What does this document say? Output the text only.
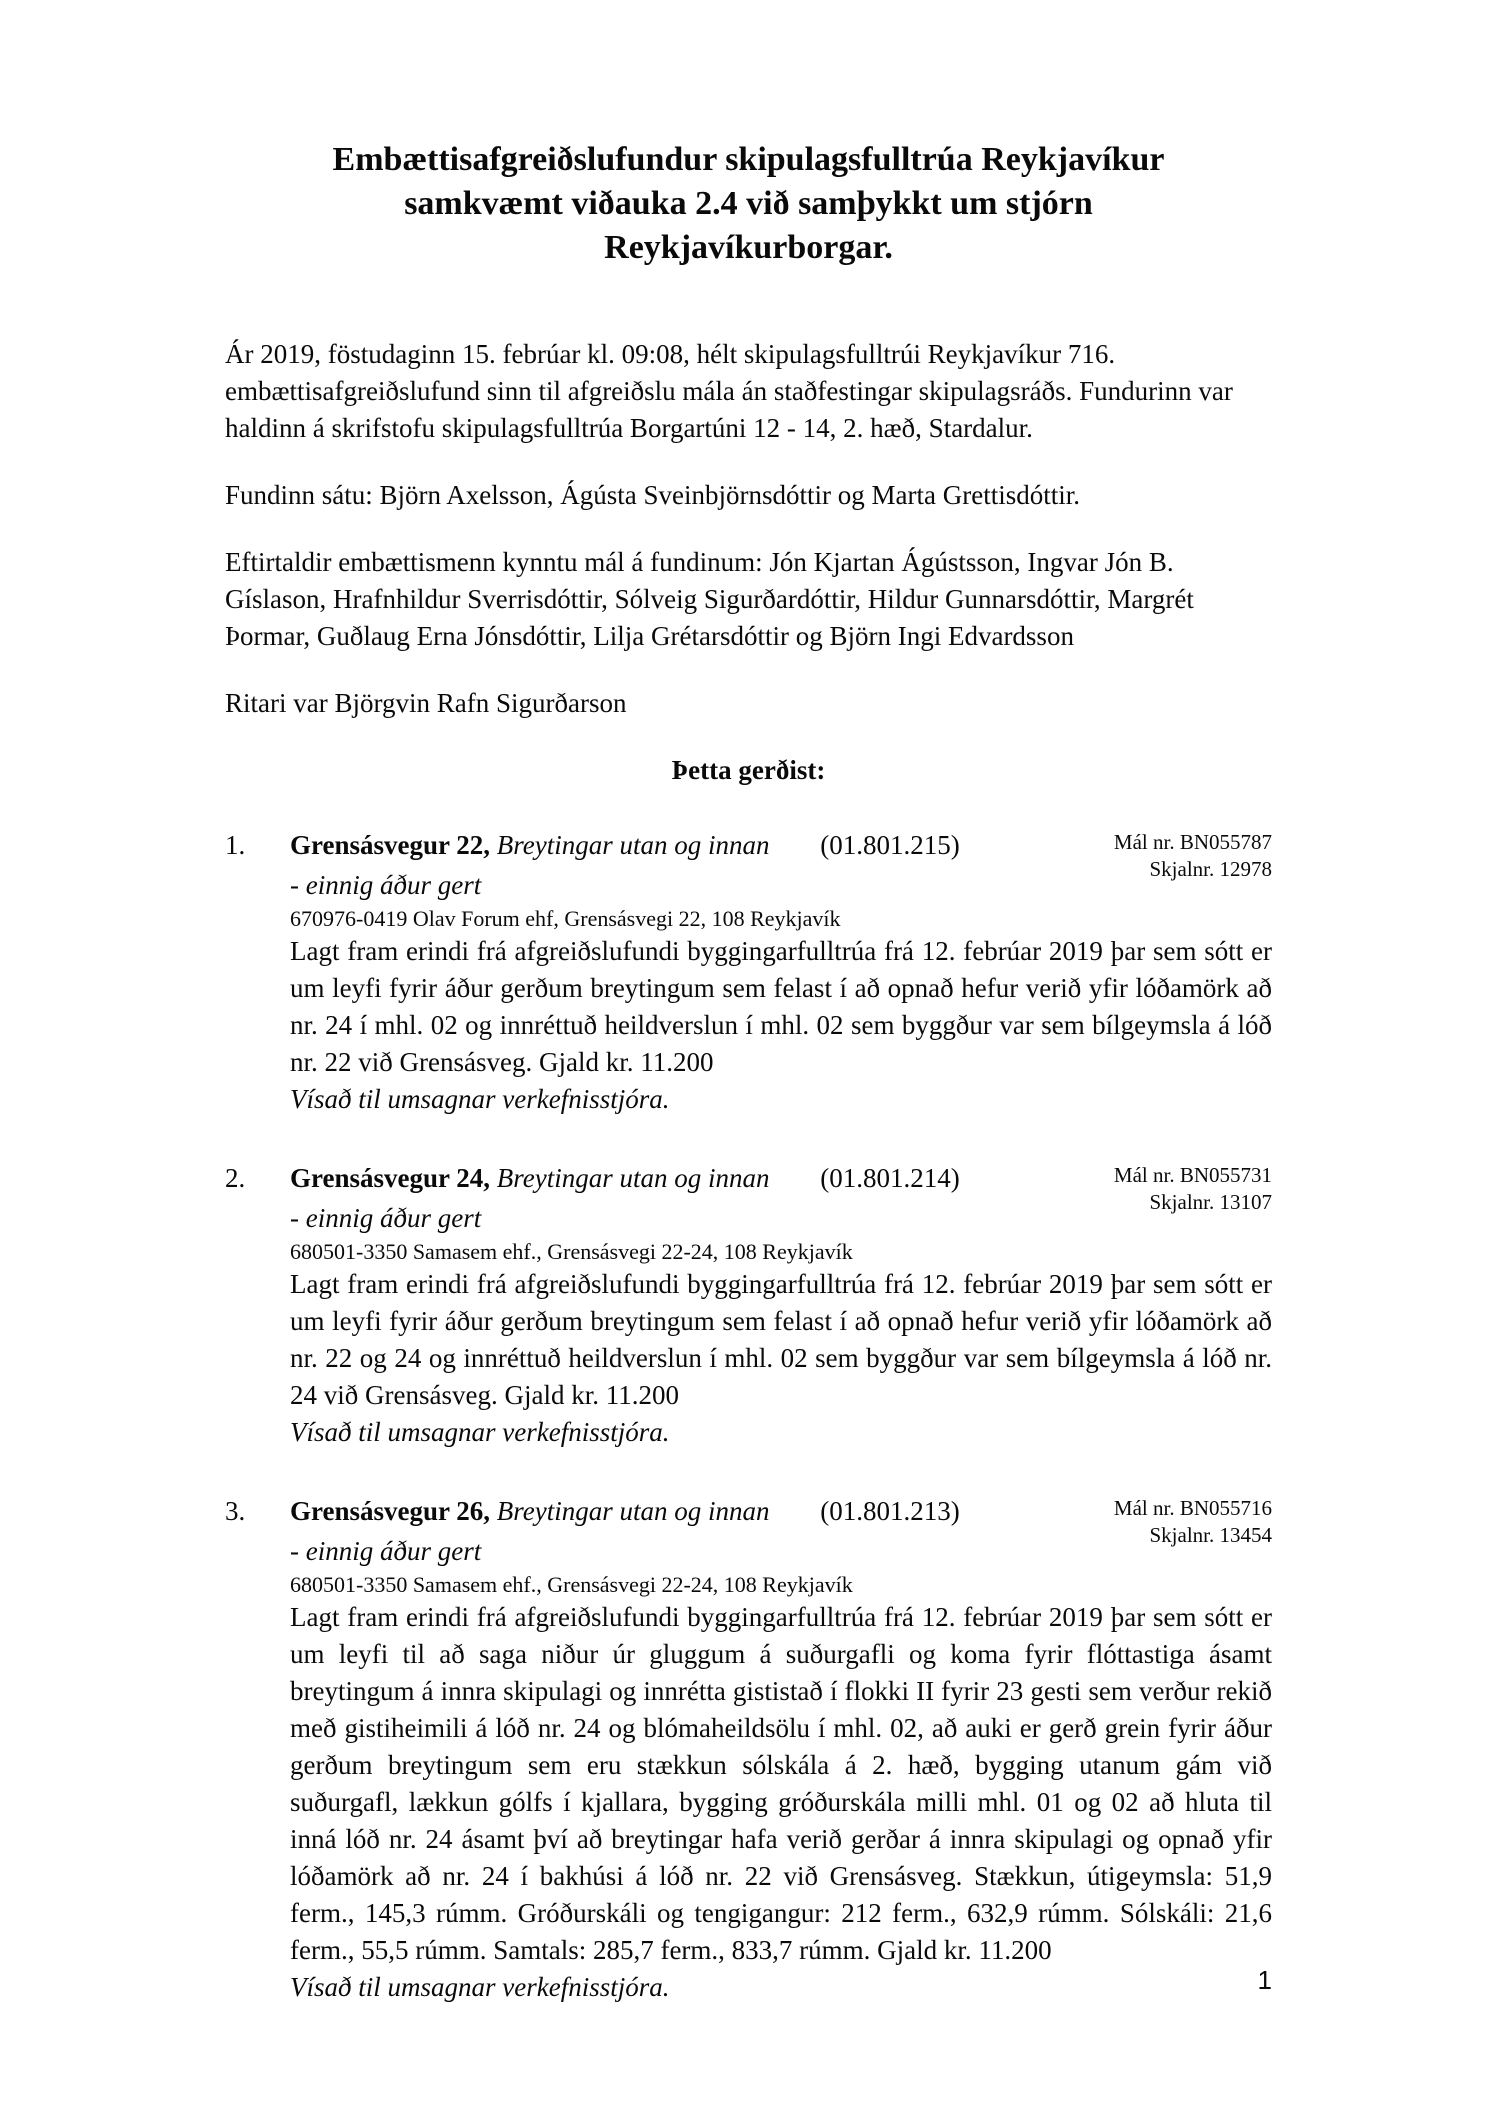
Embættisafgreiðslufundur skipulagsfulltrúa Reykjavíkur
samkvæmt viðauka 2.4 við samþykkt um stjórn
Reykjavíkurborgar.

Ár 2019, föstudaginn 15. febrúar kl. 09:08, hélt skipulagsfulltrúi Reykjavíkur 716. embættisafgreiðslufund sinn til afgreiðslu mála án staðfestingar skipulagsráðs. Fundurinn var haldinn á skrifstofu skipulagsfulltrúa Borgartúni 12 - 14, 2. hæð, Stardalur.

Fundinn sátu: Björn Axelsson, Ágústa Sveinbjörnsdóttir og Marta Grettisdóttir.

Eftirtaldir embættismenn kynntu mál á fundinum: Jón Kjartan Ágústsson, Ingvar Jón B. Gíslason, Hrafnhildur Sverrisdóttir, Sólveig Sigurðardóttir, Hildur Gunnarsdóttir, Margrét Þormar, Guðlaug Erna Jónsdóttir, Lilja Grétarsdóttir og Björn Ingi Edvardsson

Ritari var Björgvin Rafn Sigurðarson

Þetta gerðist:
Mál nr. BN055787
Skjalnr. 12978
1.	Grensásvegur 22, Breytingar utan og innan (01.801.215)
- einnig áður gert
670976-0419 Olav Forum ehf, Grensásvegi 22, 108 Reykjavík
Lagt fram erindi frá afgreiðslufundi byggingarfulltrúa frá 12. febrúar 2019 þar sem sótt er um leyfi fyrir áður gerðum breytingum sem felast í að opnað hefur verið yfir lóðamörk að nr. 24 í mhl. 02 og innréttuð heildverslun í mhl. 02 sem byggður var sem bílgeymsla á lóð nr. 22 við Grensásveg. Gjald kr. 11.200
Vísað til umsagnar verkefnisstjóra.
Mál nr. BN055731
Skjalnr. 13107
2.	Grensásvegur 24, Breytingar utan og innan (01.801.214)
- einnig áður gert
680501-3350 Samasem ehf., Grensásvegi 22-24, 108 Reykjavík
Lagt fram erindi frá afgreiðslufundi byggingarfulltrúa frá 12. febrúar 2019 þar sem sótt er um leyfi fyrir áður gerðum breytingum sem felast í að opnað hefur verið yfir lóðamörk að nr. 22 og 24 og innréttuð heildverslun í mhl. 02 sem byggður var sem bílgeymsla á lóð nr. 24 við Grensásveg. Gjald kr. 11.200
Vísað til umsagnar verkefnisstjóra.
Mál nr. BN055716
Skjalnr. 13454
3.	Grensásvegur 26, Breytingar utan og innan (01.801.213)
- einnig áður gert
680501-3350 Samasem ehf., Grensásvegi 22-24, 108 Reykjavík
Lagt fram erindi frá afgreiðslufundi byggingarfulltrúa frá 12. febrúar 2019 þar sem sótt er um leyfi til að saga niður úr gluggum á suðurgafli og koma fyrir flóttastiga ásamt breytingum á innra skipulagi og innrétta gististað í flokki II fyrir 23 gesti sem verður rekið með gistiheimili á lóð nr. 24 og blómaheildsölu í mhl. 02, að auki er gerð grein fyrir áður gerðum breytingum sem eru stækkun sólskála á 2. hæð, bygging utanum gám við suðurgafl, lækkun gólfs í kjallara, bygging gróðurskála milli mhl. 01 og 02 að hluta til inná lóð nr. 24 ásamt því að breytingar hafa verið gerðar á innra skipulagi og opnað yfir lóðamörk að nr. 24 í bakhúsi á lóð nr. 22 við Grensásveg. Stækkun, útigeymsla: 51,9 ferm., 145,3 rúmm. Gróðurskáli og tengigangur: 212 ferm., 632,9 rúmm. Sólskáli: 21,6 ferm., 55,5 rúmm. Samtals: 285,7 ferm., 833,7 rúmm. Gjald kr. 11.200
Vísað til umsagnar verkefnisstjóra.	1
